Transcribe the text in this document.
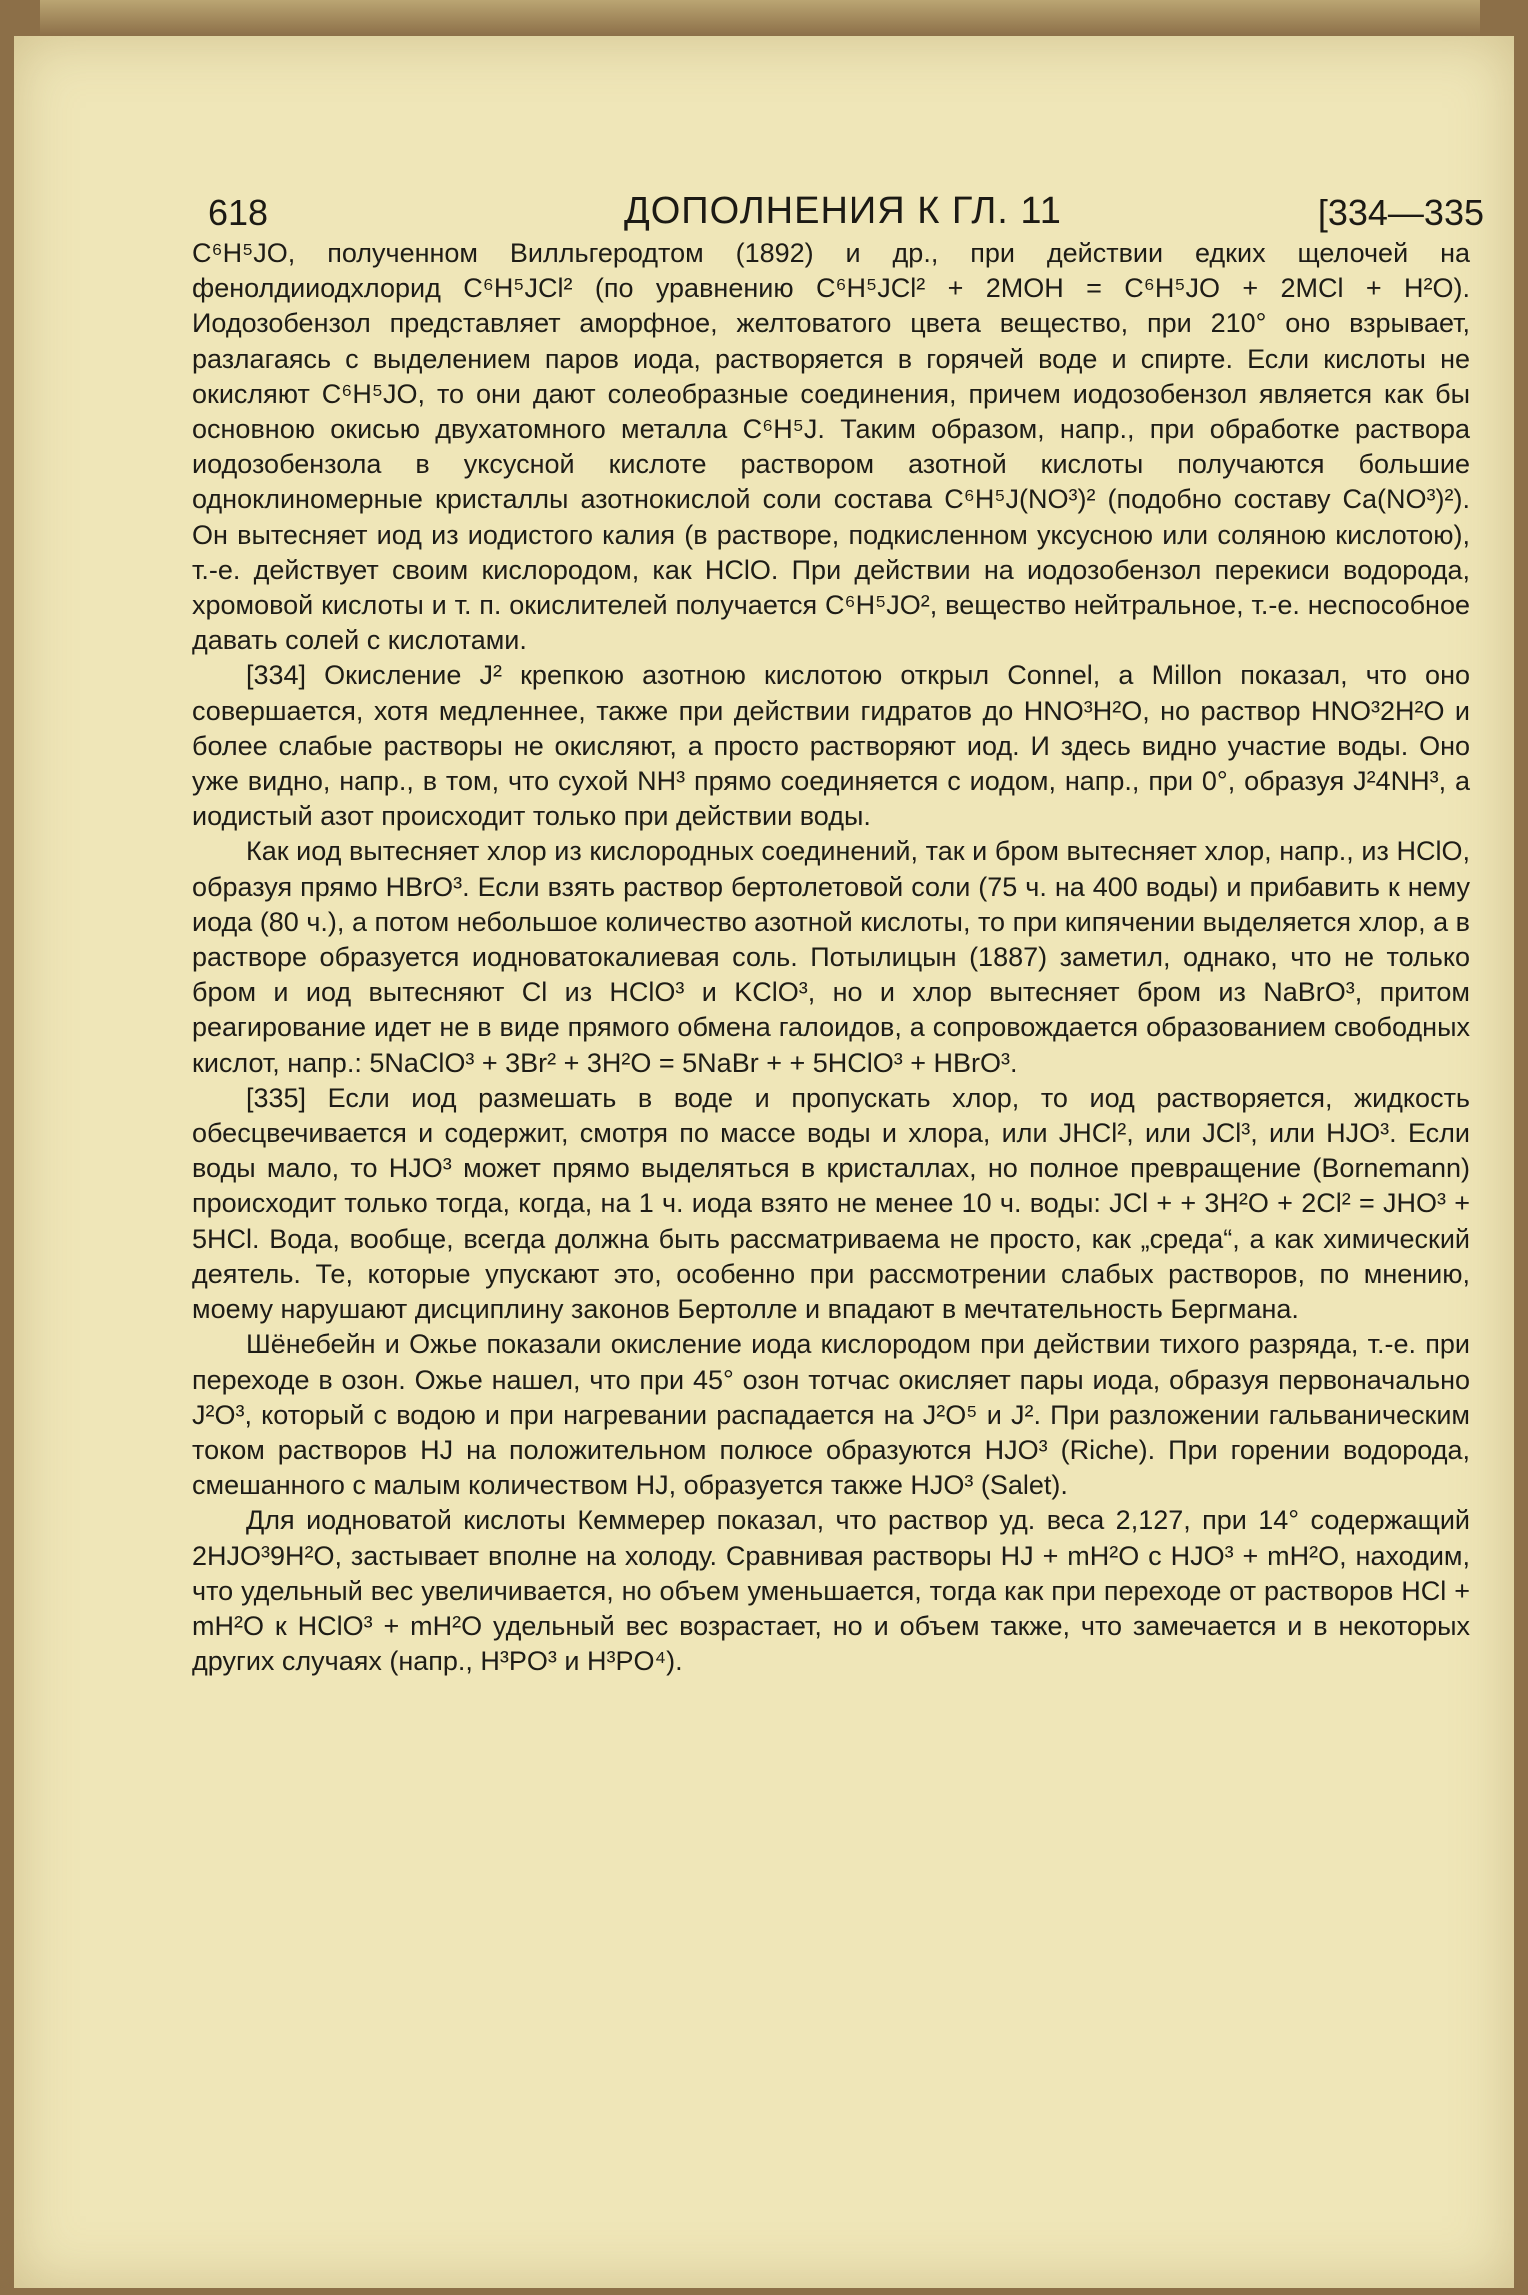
618	ДОПОЛНЕНИЯ К ГЛ. 11	[334—335

C⁶H⁵JO, полученном Вилльгеродтом (1892) и др., при действии едких щелочей на фенолдииодхлорид C⁶H⁵JCl² (по уравнению C⁶H⁵JCl² + 2MOH = C⁶H⁵JO + 2MCl + H²O). Иодозобензол представляет аморфное, желтоватого цвета вещество, при 210° оно взрывает, разлагаясь с выделением паров иода, растворяется в горячей воде и спирте. Если кислоты не окисляют C⁶H⁵JO, то они дают солеобразные соединения, причем иодозобензол является как бы основною окисью двухатомного металла C⁶H⁵J. Таким образом, напр., при обработке раствора иодозобензола в уксусной кислоте раствором азотной кислоты получаются большие одноклиномерные кристаллы азотнокислой соли состава C⁶H⁵J(NO³)² (подобно составу Ca(NO³)²). Он вытесняет иод из иодистого калия (в растворе, подкисленном уксусною или соляною кислотою), т.-е. действует своим кислородом, как HClO. При действии на иодозобензол перекиси водорода, хромовой кислоты и т. п. окислителей получается C⁶H⁵JO², вещество нейтральное, т.-е. неспособное давать солей с кислотами.

[334] Окисление J² крепкою азотною кислотою открыл Connel, а Millon показал, что оно совершается, хотя медленнее, также при действии гидратов до HNO³H²O, но раствор HNO³2H²O и более слабые растворы не окисляют, а просто растворяют иод. И здесь видно участие воды. Оно уже видно, напр., в том, что сухой NH³ прямо соединяется с иодом, напр., при 0°, образуя J²4NH³, а иодистый азот происходит только при действии воды.

Как иод вытесняет хлор из кислородных соединений, так и бром вытесняет хлор, напр., из HClO, образуя прямо HBrO³. Если взять раствор бертолетовой соли (75 ч. на 400 воды) и прибавить к нему иода (80 ч.), а потом небольшое количество азотной кислоты, то при кипячении выделяется хлор, а в растворе образуется иодноватокалиевая соль. Потылицын (1887) заметил, однако, что не только бром и иод вытесняют Cl из HClO³ и KClO³, но и хлор вытесняет бром из NaBrO³, притом реагирование идет не в виде прямого обмена галоидов, а сопровождается образованием свободных кислот, напр.: 5NaClO³ + 3Br² + 3H²O = 5NaBr + + 5HClO³ + HBrO³.

[335] Если иод размешать в воде и пропускать хлор, то иод растворяется, жидкость обесцвечивается и содержит, смотря по массе воды и хлора, или JHCl², или JCl³, или HJO³. Если воды мало, то HJO³ может прямо выделяться в кристаллах, но полное превращение (Bornemann) происходит только тогда, когда, на 1 ч. иода взято не менее 10 ч. воды: JCl + + 3H²O + 2Cl² = JHO³ + 5HCl. Вода, вообще, всегда должна быть рассматриваема не просто, как „среда“, а как химический деятель. Те, которые упускают это, особенно при рассмотрении слабых растворов, по мнению, моему нарушают дисциплину законов Бертолле и впадают в мечтательность Бергмана.

Шёнебейн и Ожье показали окисление иода кислородом при действии тихого разряда, т.-е. при переходе в озон. Ожье нашел, что при 45° озон тотчас окисляет пары иода, образуя первоначально J²O³, который с водою и при нагревании распадается на J²O⁵ и J². При разложении гальваническим током растворов HJ на положительном полюсе образуются HJO³ (Riche). При горении водорода, смешанного с малым количеством HJ, образуется также HJO³ (Salet).

Для иодноватой кислоты Кеммерер показал, что раствор уд. веса 2,127, при 14° содержащий 2HJO³9H²O, застывает вполне на холоду. Сравнивая растворы HJ + mH²O с HJO³ + mH²O, находим, что удельный вес увеличивается, но объем уменьшается, тогда как при переходе от растворов HCl + mH²O к HClO³ + mH²O удельный вес возрастает, но и объем также, что замечается и в некоторых других случаях (напр., H³PO³ и H³PO⁴).
